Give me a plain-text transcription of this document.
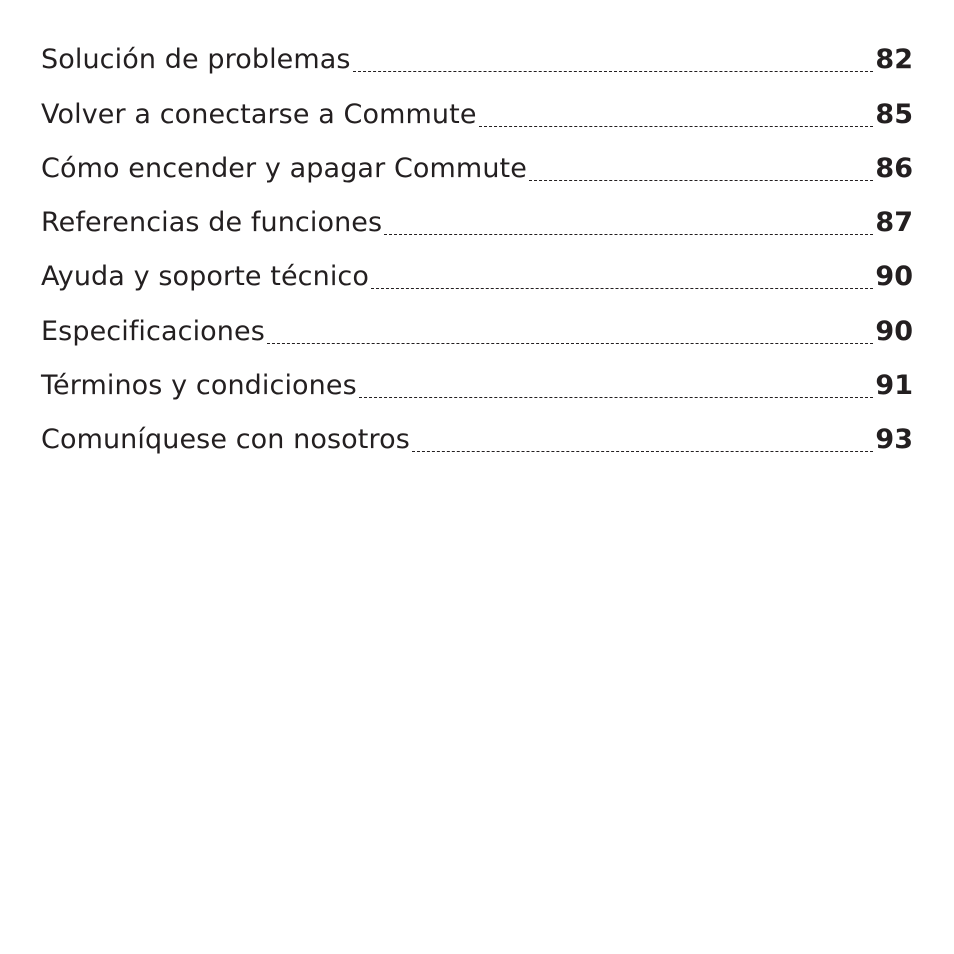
Solución de problemas	82
Volver a conectarse a Commute	85
Cómo encender y apagar Commute	86
Referencias de funciones	87
Ayuda y soporte técnico	90
Especificaciones	90
Términos y condiciones	91
Comuníquese con nosotros	93
